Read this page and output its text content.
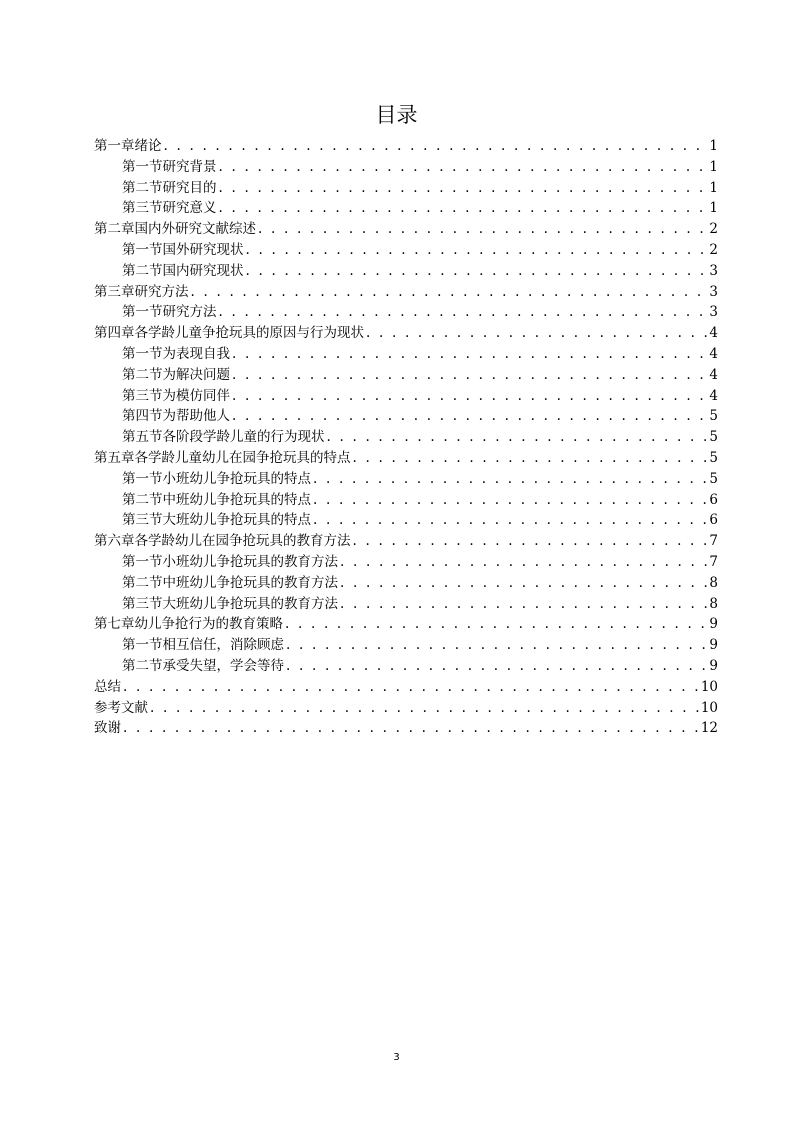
目录
第一章绪论 . . .	1
第一节研究背景 . . .	1
第二节研究目的 . . .	1
第三节研究意义 . . .	1
第二章国内外研究文献综述 . . .	2
第一节国外研究现状 . . .	2
第二节国内研究现状 . . .	3
第三章研究方法 . . .	3
第一节研究方法 . . .	3
第四章各学龄儿童争抢玩具的原因与行为现状 . . .	4
第一节为表现自我 . . .	4
第二节为解决问题 . . .	4
第三节为模仿同伴 . . .	4
第四节为帮助他人 . . .	5
第五节各阶段学龄儿童的行为现状 . . .	5
第五章各学龄儿童幼儿在园争抢玩具的特点 . . .	5
第一节小班幼儿争抢玩具的特点 . . .	5
第二节中班幼儿争抢玩具的特点 . . .	6
第三节大班幼儿争抢玩具的特点 . . .	6
第六章各学龄幼儿在园争抢玩具的教育方法 . . .	7
第一节小班幼儿争抢玩具的教育方法 . . .	7
第二节中班幼儿争抢玩具的教育方法 . . .	8
第三节大班幼儿争抢玩具的教育方法 . . .	8
第七章幼儿争抢行为的教育策略 . . .	9
第一节相互信任，消除顾虑 . . .	9
第二节承受失望，学会等待 . . .	9
总结 . . .	10
参考文献 . . .	10
致谢 . . .	12
3
